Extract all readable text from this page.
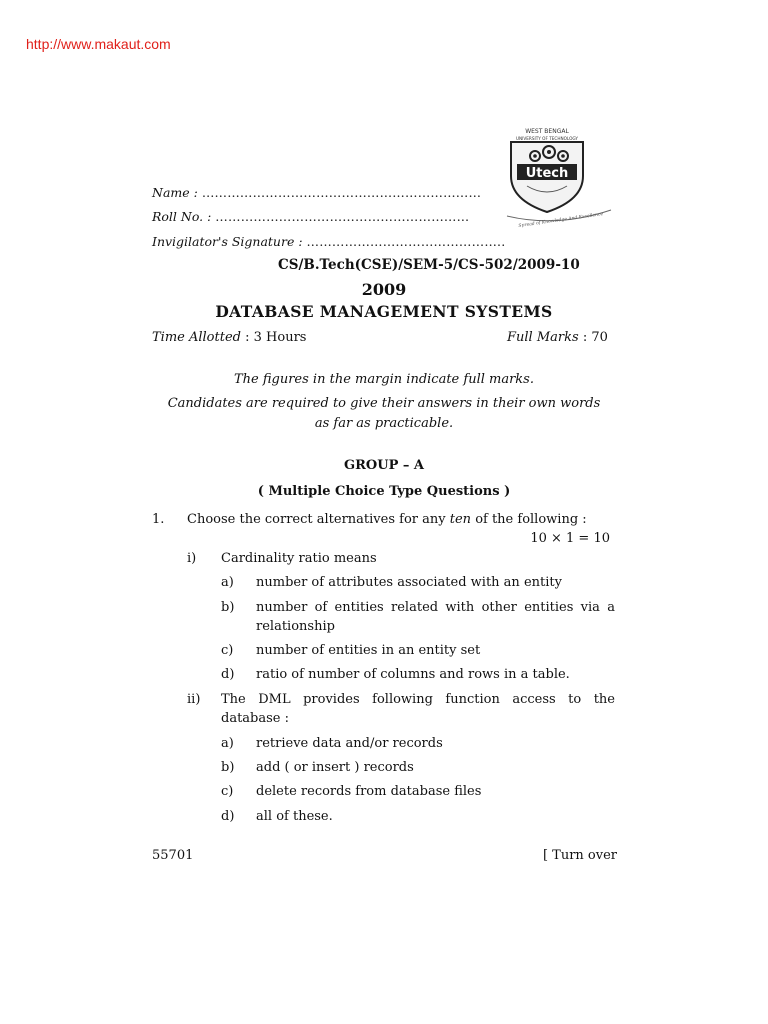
http://www.makaut.com
WEST BENGAL
UNIVERSITY OF TECHNOLOGY
Utech
Spread of Knowledge And Excellence
Name : …………………………………………………………
Roll No. : ……………………………………………………
Invigilator's Signature : ………………………………………..
CS/B.Tech(CSE)/SEM-5/CS-502/2009-10
2009
DATABASE MANAGEMENT SYSTEMS
Time Allotted : 3 Hours	Full Marks : 70
The figures in the margin indicate full marks.
Candidates are required to give their answers in their own words
as far as practicable.
GROUP – A
( Multiple Choice Type Questions )
1. Choose the correct alternatives for any ten of the following :
10 × 1 = 10
i) Cardinality ratio means
a) number of attributes associated with an entity
b) number of entities related with other entities via a
relationship
c) number of entities in an entity set
d) ratio of number of columns and rows in a table.
ii) The DML provides following function access to the
database :
a) retrieve data and/or records
b) add ( or insert ) records
c) delete records from database files
d) all of these.
55701	[ Turn over
